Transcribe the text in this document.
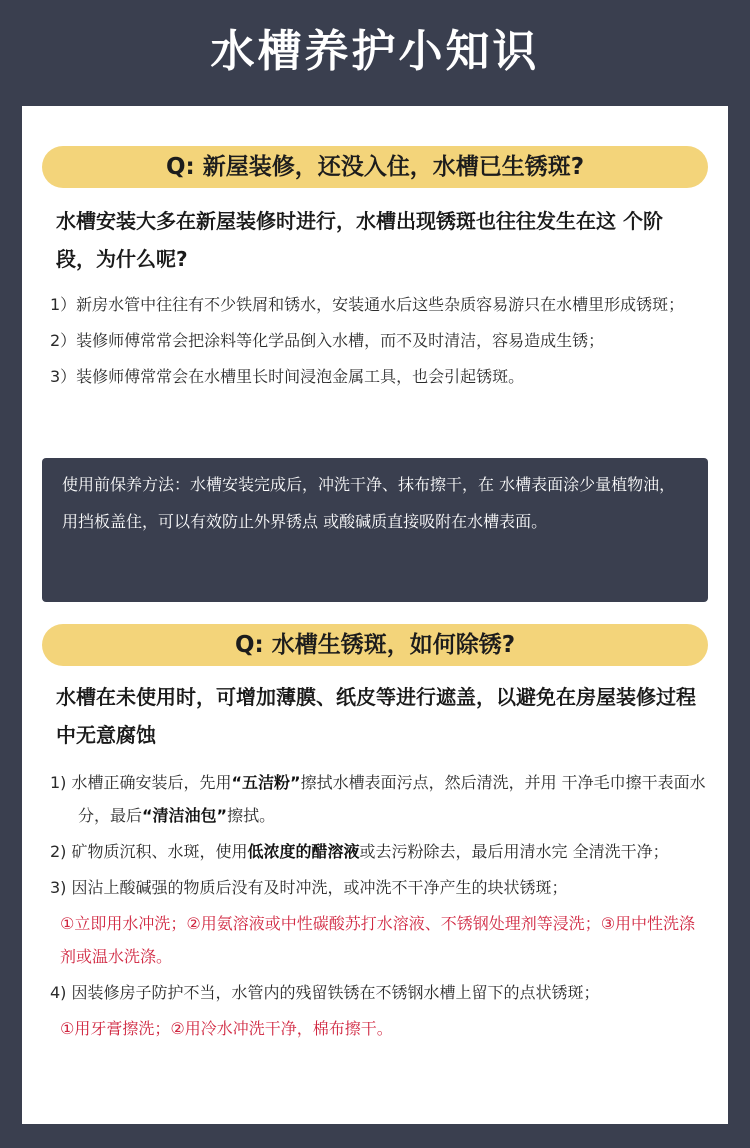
水槽养护小知识
Q: 新屋装修，还没入住，水槽已生锈斑?
水槽安装大多在新屋装修时进行，水槽出现锈斑也往往发生在这 个阶段，为什么呢?
1）新房水管中往往有不少铁屑和锈水，安装通水后这些杂质容易游只在水槽里形成锈斑；
2）装修师傅常常会把涂料等化学品倒入水槽，而不及时清洁，容易造成生锈；
3）装修师傅常常会在水槽里长时间浸泡金属工具，也会引起锈斑。
使用前保养方法：水槽安装完成后，冲洗干净、抹布擦干，在 水槽表面涂少量植物油，用挡板盖住，可以有效防止外界锈点 或酸碱质直接吸附在水槽表面。
Q: 水槽生锈斑，如何除锈?
水槽在未使用时，可增加薄膜、纸皮等进行遮盖，以避免在房屋装修过程中无意腐蚀
1) 水槽正确安装后，先用“五洁粉”擦拭水槽表面污点，然后清洗，并用 干净毛巾擦干表面水分，最后“清洁油包”擦拭。
2) 矿物质沉积、水斑，使用低浓度的醋溶液或去污粉除去，最后用清水完 全清洗干净；
3) 因沾上酸碱强的物质后没有及时冲洗，或冲洗不干净产生的块状锈斑；
①立即用水冲洗；②用氨溶液或中性碳酸苏打水溶液、不锈钢处理剂等浸洗；③用中性洗涤剂或温水洗涤。
4) 因装修房子防护不当，水管内的残留铁锈在不锈钢水槽上留下的点状锈斑；
①用牙膏擦洗；②用冷水冲洗干净，棉布擦干。
